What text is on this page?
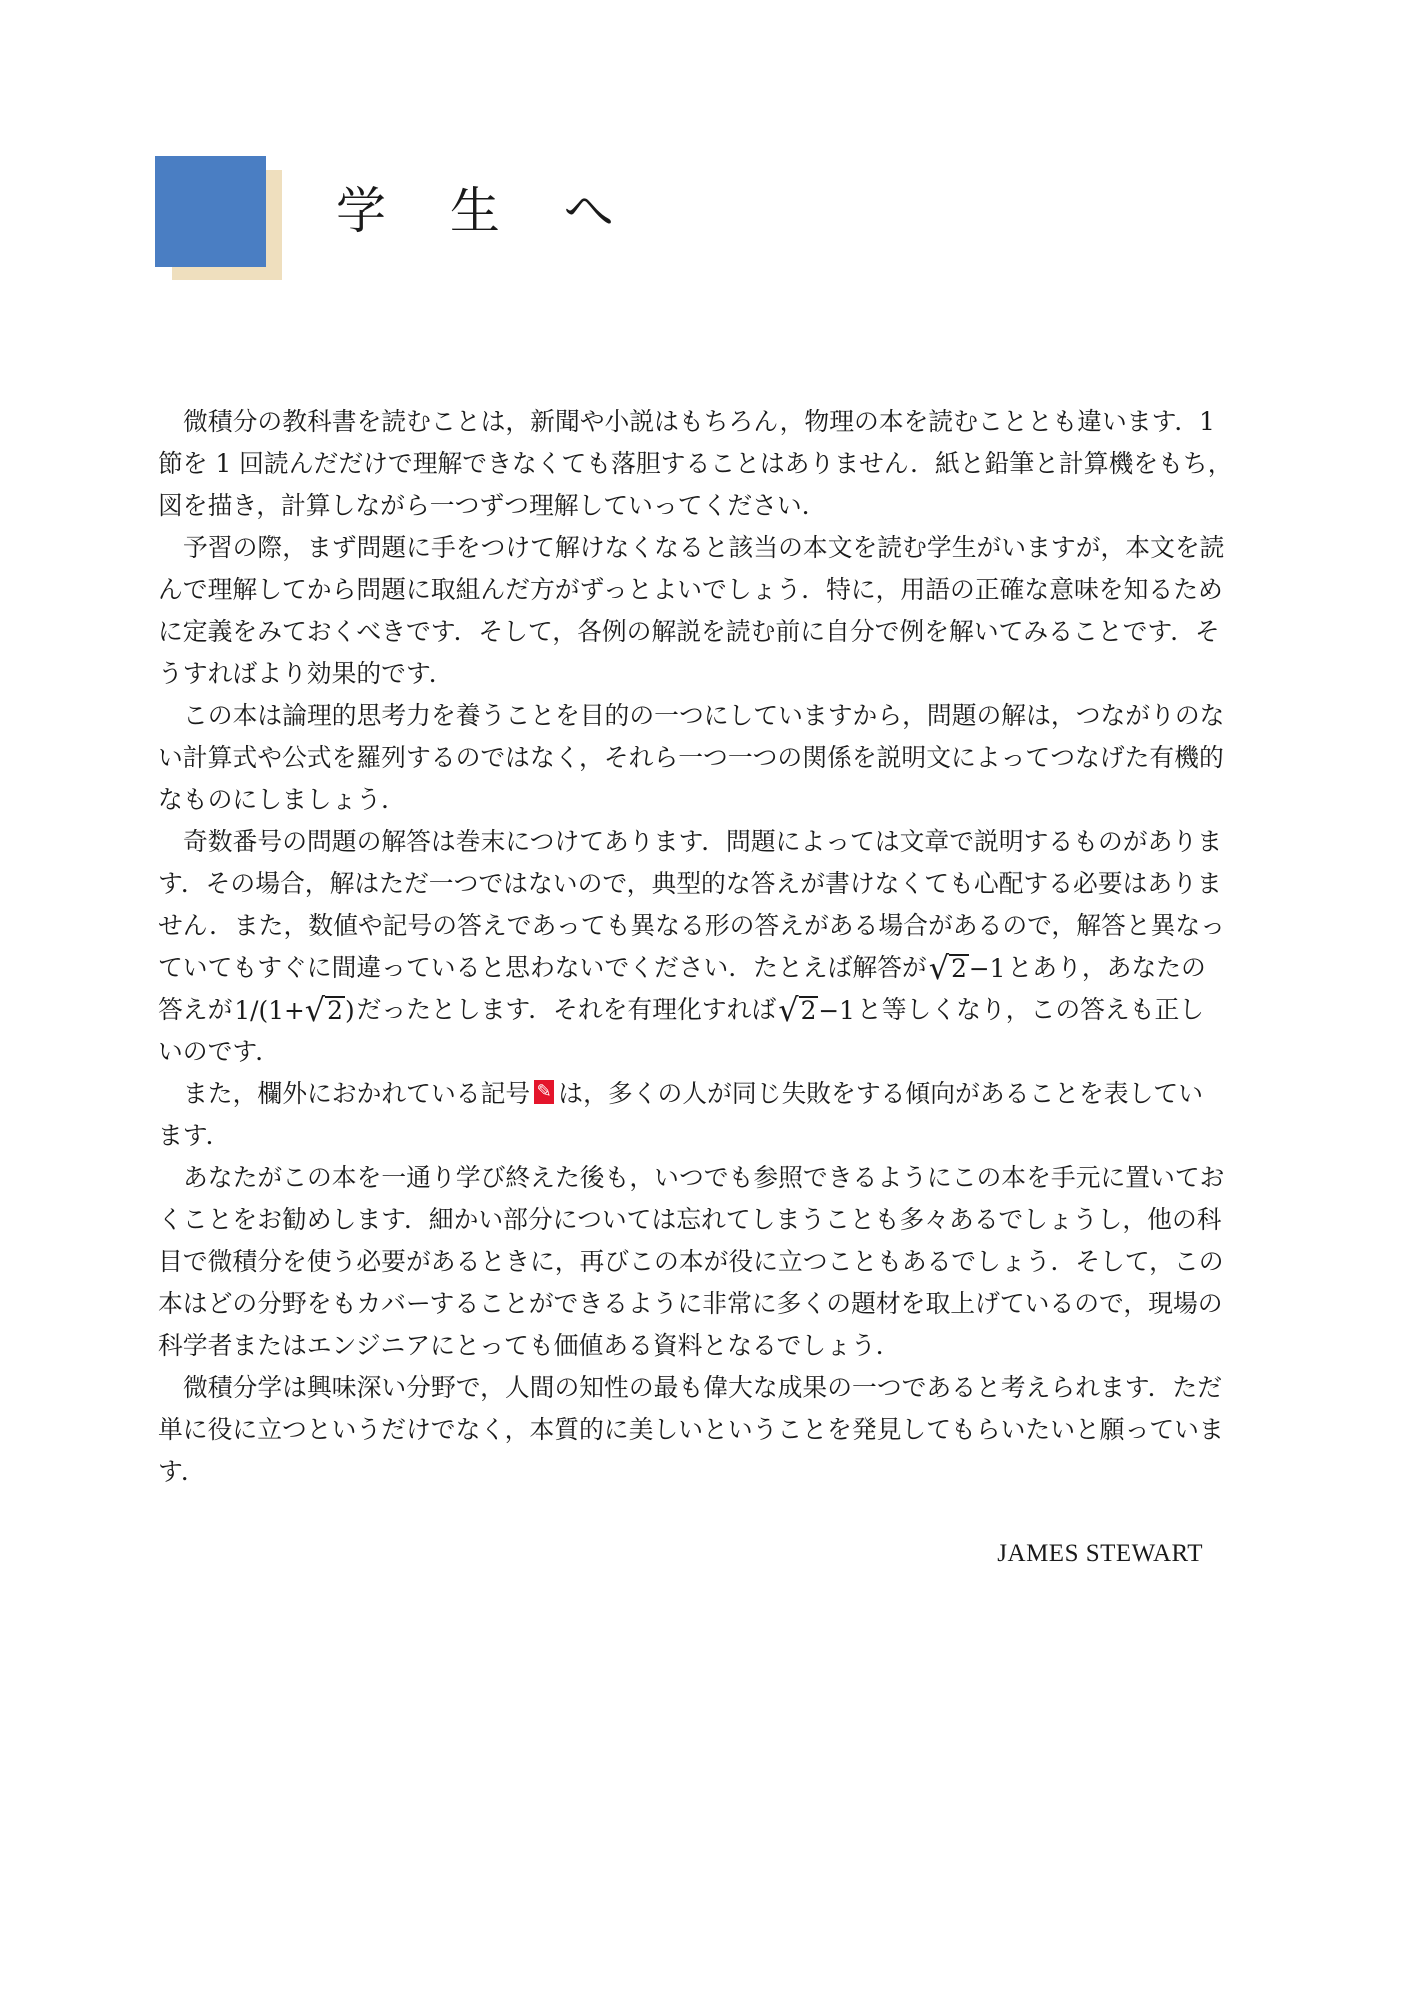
学 生 へ
微積分の教科書を読むことは，新聞や小説はもちろん，物理の本を読むこととも違います．1
節を 1 回読んだだけで理解できなくても落胆することはありません．紙と鉛筆と計算機をもち，
図を描き，計算しながら一つずつ理解していってください．
予習の際，まず問題に手をつけて解けなくなると該当の本文を読む学生がいますが，本文を読
んで理解してから問題に取組んだ方がずっとよいでしょう．特に，用語の正確な意味を知るため
に定義をみておくべきです．そして，各例の解説を読む前に自分で例を解いてみることです．そ
うすればより効果的です．
この本は論理的思考力を養うことを目的の一つにしていますから，問題の解は，つながりのな
い計算式や公式を羅列するのではなく，それら一つ一つの関係を説明文によってつなげた有機的
なものにしましょう．
奇数番号の問題の解答は巻末につけてあります．問題によっては文章で説明するものがありま
す．その場合，解はただ一つではないので，典型的な答えが書けなくても心配する必要はありま
せん．また，数値や記号の答えであっても異なる形の答えがある場合があるので，解答と異なっ
ていてもすぐに間違っていると思わないでください．たとえば解答が √2−1 とあり，あなたの
答えが 1/(1+√2) だったとします．それを有理化すれば √2−1 と等しくなり，この答えも正し
いのです．
また，欄外におかれている記号 ✎ は，多くの人が同じ失敗をする傾向があることを表してい
ます．
あなたがこの本を一通り学び終えた後も，いつでも参照できるようにこの本を手元に置いてお
くことをお勧めします．細かい部分については忘れてしまうことも多々あるでしょうし，他の科
目で微積分を使う必要があるときに，再びこの本が役に立つこともあるでしょう．そして，この
本はどの分野をもカバーすることができるように非常に多くの題材を取上げているので，現場の
科学者またはエンジニアにとっても価値ある資料となるでしょう．
微積分学は興味深い分野で，人間の知性の最も偉大な成果の一つであると考えられます．ただ
単に役に立つというだけでなく，本質的に美しいということを発見してもらいたいと願っていま
す．
JAMES STEWART
